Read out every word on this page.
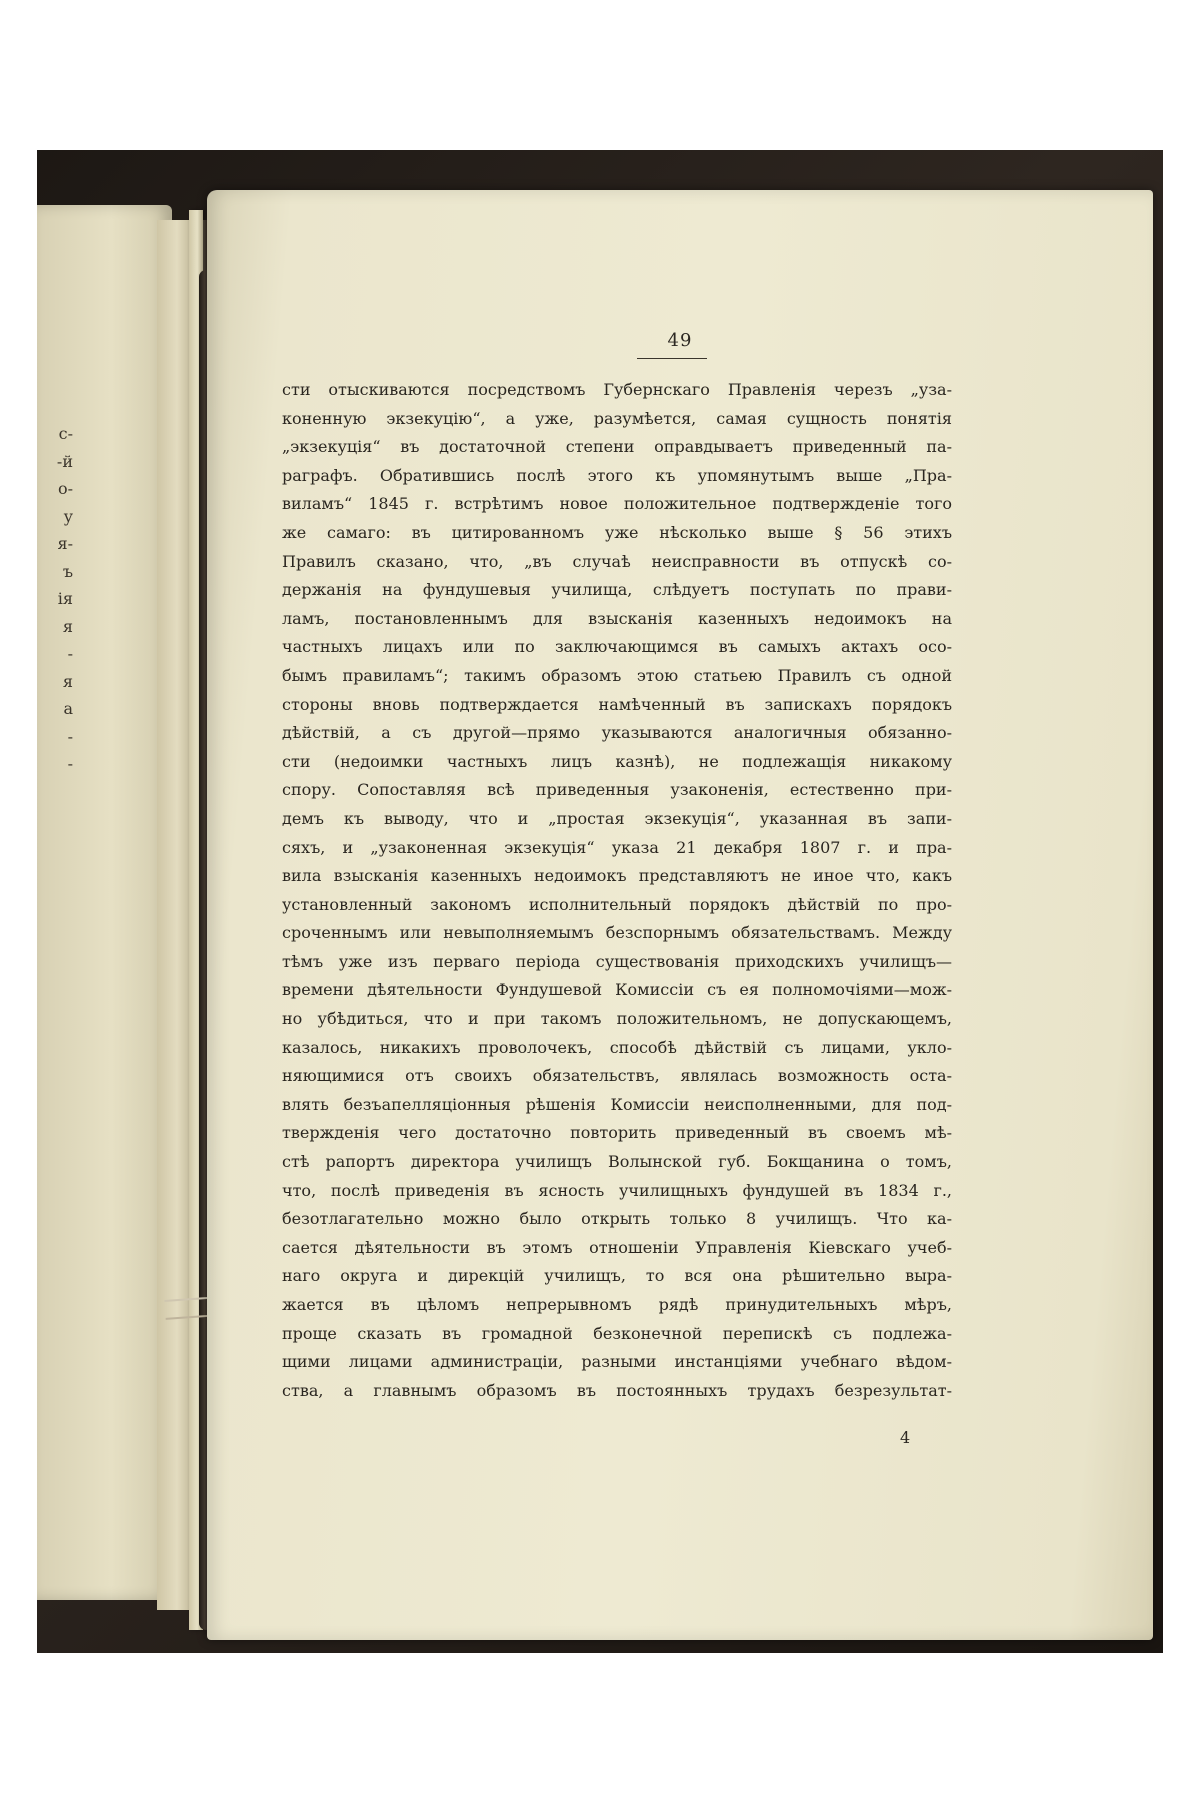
с-
-й
о-
у
я-
ъ
ія
я
-
я
а
-
-
49
сти отыскиваются посредствомъ Губернскаго Правленія черезъ „уза-
коненную экзекуцію“, а уже, разумѣется, самая сущность понятія
„экзекуція“ въ достаточной степени оправдываетъ приведенный па-
раграфъ. Обратившись послѣ этого къ упомянутымъ выше „Пра-
виламъ“ 1845 г. встрѣтимъ новое положительное подтвержденіе того
же самаго: въ цитированномъ уже нѣсколько выше § 56 этихъ
Правилъ сказано, что, „въ случаѣ неисправности въ отпускѣ со-
держанія на фундушевыя училища, слѣдуетъ поступать по прави-
ламъ, постановленнымъ для взысканія казенныхъ недоимокъ на
частныхъ лицахъ или по заключающимся въ самыхъ актахъ осо-
бымъ правиламъ“; такимъ образомъ этою статьею Правилъ съ одной
стороны вновь подтверждается намѣченный въ запискахъ порядокъ
дѣйствій, а съ другой—прямо указываются аналогичныя обязанно-
сти (недоимки частныхъ лицъ казнѣ), не подлежащія никакому
спору. Сопоставляя всѣ приведенныя узаконенія, естественно при-
демъ къ выводу, что и „простая экзекуція“, указанная въ запи-
сяхъ, и „узаконенная экзекуція“ указа 21 декабря 1807 г. и пра-
вила взысканія казенныхъ недоимокъ представляютъ не иное что, какъ
установленный закономъ исполнительный порядокъ дѣйствій по про-
сроченнымъ или невыполняемымъ безспорнымъ обязательствамъ. Между
тѣмъ уже изъ перваго періода существованія приходскихъ училищъ—
времени дѣятельности Фундушевой Комиссіи съ ея полномочіями—мож-
но убѣдиться, что и при такомъ положительномъ, не допускающемъ,
казалось, никакихъ проволочекъ, способѣ дѣйствій съ лицами, укло-
няющимися отъ своихъ обязательствъ, являлась возможность оста-
влять безъапелляціонныя рѣшенія Комиссіи неисполненными, для под-
твержденія чего достаточно повторить приведенный въ своемъ мѣ-
стѣ рапортъ директора училищъ Волынской губ. Бокщанина о томъ,
что, послѣ приведенія въ ясность училищныхъ фундушей въ 1834 г.,
безотлагательно можно было открыть только 8 училищъ. Что ка-
сается дѣятельности въ этомъ отношеніи Управленія Кіевскаго учеб-
наго округа и дирекцій училищъ, то вся она рѣшительно выра-
жается въ цѣломъ непрерывномъ рядѣ принудительныхъ мѣръ,
проще сказать въ громадной безконечной перепискѣ съ подлежа-
щими лицами администраціи, разными инстанціями учебнаго вѣдом-
ства, а главнымъ образомъ въ постоянныхъ трудахъ безрезультат-
4
